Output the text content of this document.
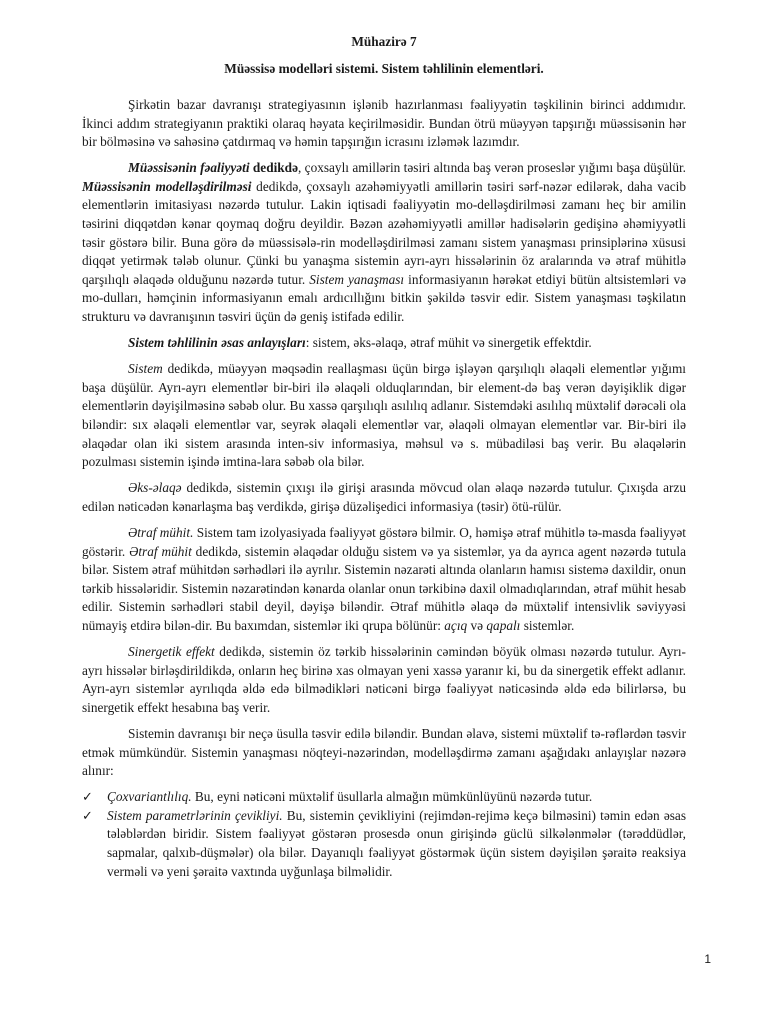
Mühazirə 7
Müəssisə modelləri sistemi. Sistem təhlilinin elementləri.

Şirkətin bazar davranışı strategiyasının işlənib hazırlanması fəaliyyətin təşkilinin birinci addımıdır. İkinci addım strategiyanın praktiki olaraq həyata keçirilməsidir. Bundan ötrü müəyyən tapşırığı müəssisənin hər bir bölməsinə və sahəsinə çatdırmaq və həmin tapşırığın icrasını izləmək lazımdır.

Müəssisənin fəaliyyəti dedikdə, çoxsaylı amillərin təsiri altında baş verən proseslər yığımı başa düşülür. Müəssisənin modelləşdirilməsi dedikdə, çoxsaylı azəhəmiyyətli amillərin təsiri sərf-nəzər edilərək, daha vacib elementlərin imitasiyası nəzərdə tutulur. Lakin iqtisadi fəaliyyətin mo-delləşdirilməsi zamanı heç bir amilin təsirini diqqətdən kənar qoymaq doğru deyildir. Bəzən azəhəmiyyətli amillər hadisələrin gedişinə əhəmiyyətli təsir göstərə bilir. Buna görə də müəssisələ-rin modelləşdirilməsi zamanı sistem yanaşması prinsiplərinə xüsusi diqqət yetirmək tələb olunur. Çünki bu yanaşma sistemin ayrı-ayrı hissələrinin öz aralarında və ətraf mühitlə qarşılıqlı əlaqədə olduğunu nəzərdə tutur. Sistem yanaşması informasiyanın hərəkət etdiyi bütün altsistemləri və mo-dulları, həmçinin informasiyanın emalı ardıcıllığını bitkin şəkildə təsvir edir. Sistem yanaşması təşkilatın strukturu və davranışının təsviri üçün də geniş istifadə edilir.

Sistem təhlilinin əsas anlayışları: sistem, əks-əlaqə, ətraf mühit və sinergetik effektdir.

Sistem dedikdə, müəyyən məqsədin reallaşması üçün birgə işləyən qarşılıqlı əlaqəli elementlər yığımı başa düşülür. Ayrı-ayrı elementlər bir-biri ilə əlaqəli olduqlarından, bir element-də baş verən dəyişiklik digər elementlərin dəyişilməsinə səbəb olur. Bu xassə qarşılıqlı asılılıq adlanır. Sistemdəki asılılıq müxtəlif dərəcəli ola biləndir: sıx əlaqəli elementlər var, seyrək əlaqəli elementlər var, əlaqəli olmayan elementlər var. Bir-biri ilə əlaqədar olan iki sistem arasında inten-siv informasiya, məhsul və s. mübadiləsi baş verir. Bu əlaqələrin pozulması sistemin işində imtina-lara səbəb ola bilər.

Əks-əlaqə dedikdə, sistemin çıxışı ilə girişi arasında mövcud olan əlaqə nəzərdə tutulur. Çıxışda arzu edilən nəticədən kənarlaşma baş verdikdə, girişə düzəlişedici informasiya (təsir) ötü-rülür.

Ətraf mühit. Sistem tam izolyasiyada fəaliyyət göstərə bilmir. O, həmişə ətraf mühitlə tə-masda fəaliyyət göstərir. Ətraf mühit dedikdə, sistemin əlaqədar olduğu sistem və ya sistemlər, ya da ayrıca agent nəzərdə tutula bilər. Sistem ətraf mühitdən sərhədləri ilə ayrılır. Sistemin nəzarəti altında olanların hamısı sistemə daxildir, onun tərkib hissələridir. Sistemin nəzarətindən kənarda olanlar onun tərkibinə daxil olmadıqlarından, ətraf mühit hesab edilir. Sistemin sərhədləri stabil deyil, dəyişə biləndir. Ətraf mühitlə əlaqə də müxtəlif intensivlik səviyyəsi nümayiş etdirə bilən-dir. Bu baxımdan, sistemlər iki qrupa bölünür: açıq və qapalı sistemlər.

Sinergetik effekt dedikdə, sistemin öz tərkib hissələrinin cəmindən böyük olması nəzərdə tutulur. Ayrı-ayrı hissələr birləşdirildikdə, onların heç birinə xas olmayan yeni xassə yaranır ki, bu da sinergetik effekt adlanır. Ayrı-ayrı sistemlər ayrılıqda əldə edə bilmədikləri nəticəni birgə fəaliyyət nəticəsində əldə edə bilirlərsə, bu sinergetik effekt hesabına baş verir.

Sistemin davranışı bir neçə üsulla təsvir edilə biləndir. Bundan əlavə, sistemi müxtəlif tə-rəflərdən təsvir etmək mümkündür. Sistemin yanaşması nöqteyi-nəzərindən, modelləşdirmə zamanı aşağıdakı anlayışlar nəzərə alınır:

✓ Çoxvariantlılıq. Bu, eyni nəticəni müxtəlif üsullarla almağın mümkünlüyünü nəzərdə tutur.
✓ Sistem parametrlərinin çevikliyi. Bu, sistemin çevikliyini (rejimdən-rejimə keçə bilməsini) təmin edən əsas tələblərdən biridir. Sistem fəaliyyət göstərən prosesdə onun girişində güclü silkələnmələr (tərəddüdlər, sapmalar, qalxıb-düşmələr) ola bilər. Dayanıqlı fəaliyyət göstərmək üçün sistem dəyişilən şəraitə reaksiya verməli və yeni şəraitə vaxtında uyğunlaşa bilməlidir.
1
